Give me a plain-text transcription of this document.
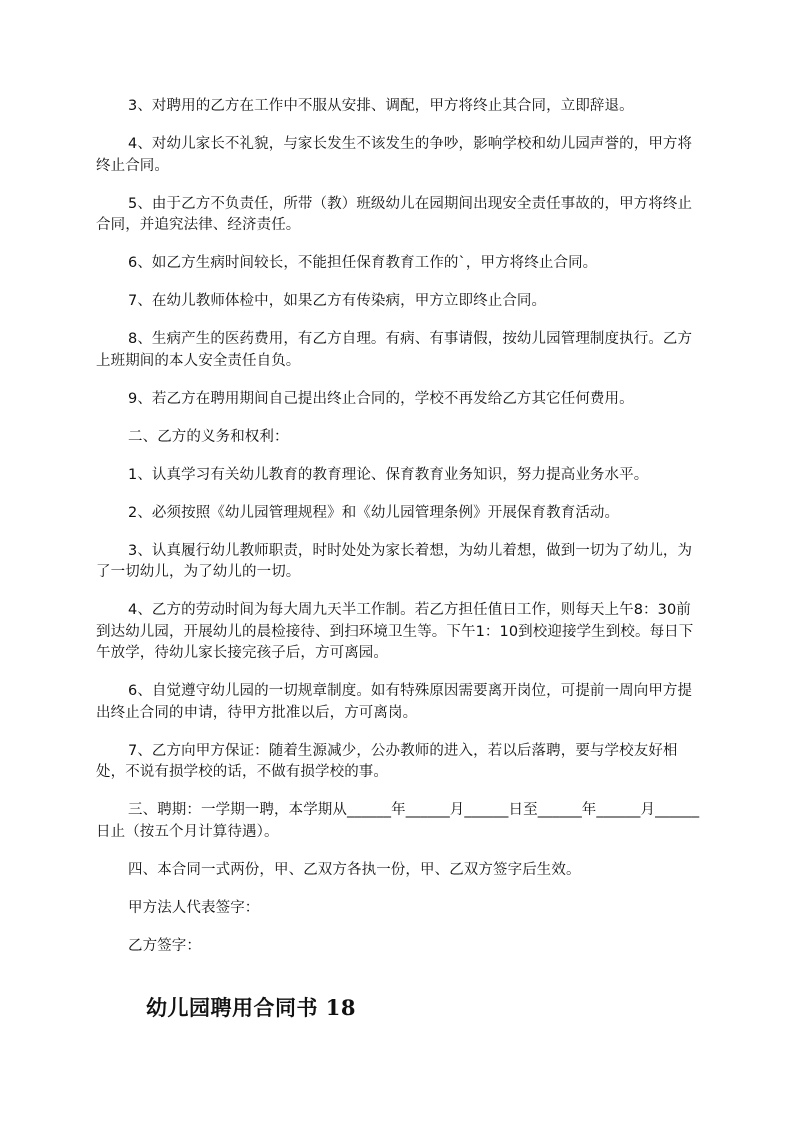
3、对聘用的乙方在工作中不服从安排、调配，甲方将终止其合同，立即辞退。

4、对幼儿家长不礼貌，与家长发生不该发生的争吵，影响学校和幼儿园声誉的，甲方将终止合同。

5、由于乙方不负责任，所带（教）班级幼儿在园期间出现安全责任事故的，甲方将终止合同，并追究法律、经济责任。

6、如乙方生病时间较长，不能担任保育教育工作的`，甲方将终止合同。

7、在幼儿教师体检中，如果乙方有传染病，甲方立即终止合同。

8、生病产生的医药费用，有乙方自理。有病、有事请假，按幼儿园管理制度执行。乙方上班期间的本人安全责任自负。

9、若乙方在聘用期间自己提出终止合同的，学校不再发给乙方其它任何费用。

二、乙方的义务和权利：

1、认真学习有关幼儿教育的教育理论、保育教育业务知识，努力提高业务水平。

2、必须按照《幼儿园管理规程》和《幼儿园管理条例》开展保育教育活动。

3、认真履行幼儿教师职责，时时处处为家长着想，为幼儿着想，做到一切为了幼儿，为了一切幼儿，为了幼儿的一切。

4、乙方的劳动时间为每大周九天半工作制。若乙方担任值日工作，则每天上午8：30前到达幼儿园，开展幼儿的晨检接待、到扫环境卫生等。下午1：10到校迎接学生到校。每日下午放学，待幼儿家长接完孩子后，方可离园。

6、自觉遵守幼儿园的一切规章制度。如有特殊原因需要离开岗位，可提前一周向甲方提出终止合同的申请，待甲方批准以后，方可离岗。

7、乙方向甲方保证：随着生源减少，公办教师的进入，若以后落聘，要与学校友好相处，不说有损学校的话，不做有损学校的事。

三、聘期：一学期一聘，本学期从______年______月______日至______年______月______日止（按五个月计算待遇）。

四、本合同一式两份，甲、乙双方各执一份，甲、乙双方签字后生效。

甲方法人代表签字：

乙方签字：

幼儿园聘用合同书 18
